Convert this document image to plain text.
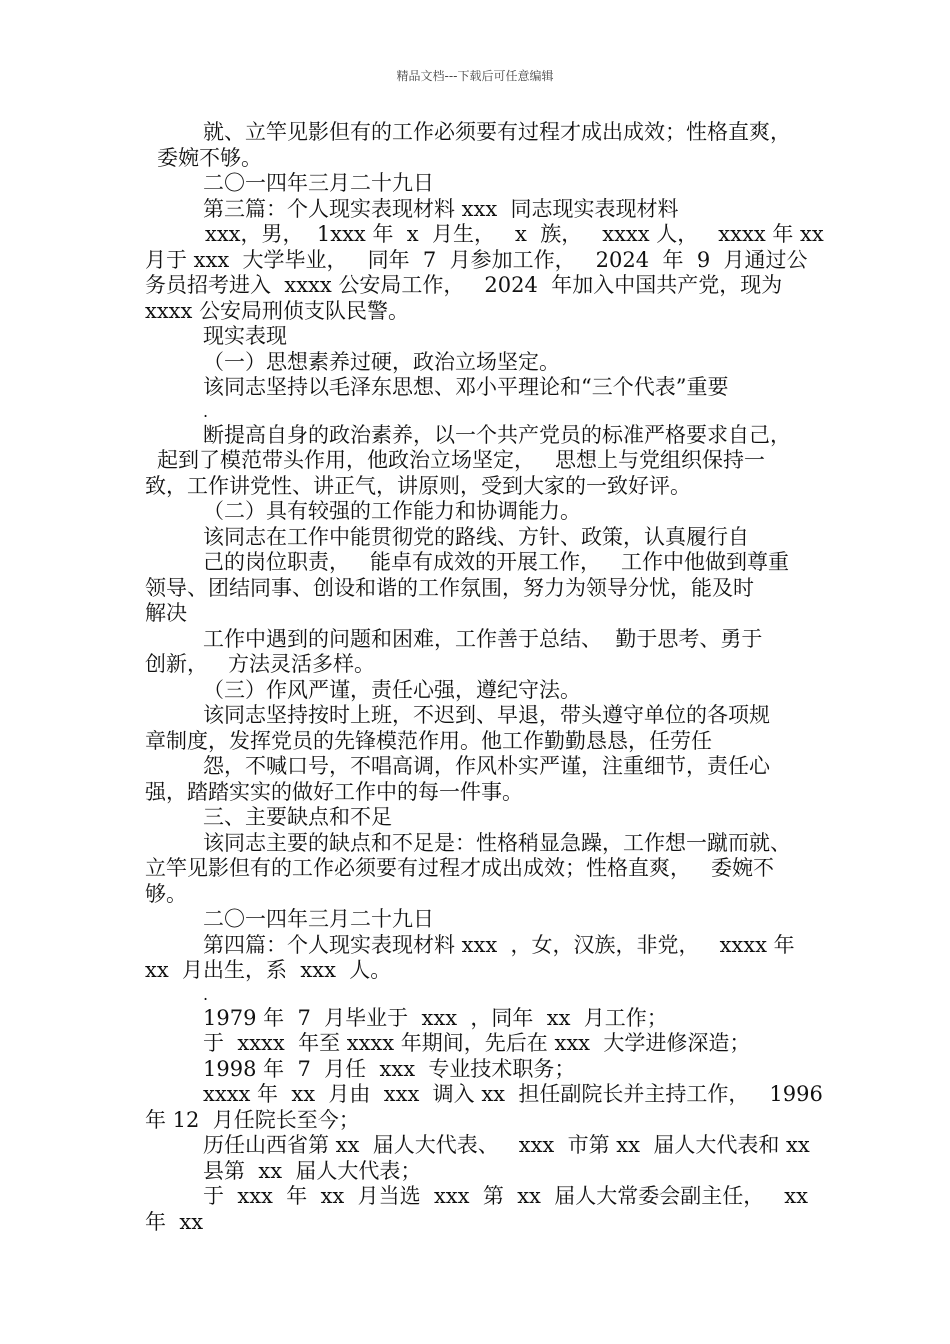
精品文档---下载后可任意编辑
就、立竿见影但有的工作必须要有过程才成出成效；性格直爽，
委婉不够。
二〇一四年三月二十九日
第三篇：个人现实表现材料 xxx  同志现实表现材料
xxx，男，  1xxx 年  x  月生，   x  族，   xxxx 人，   xxxx 年 xx
月于 xxx  大学毕业，   同年  7  月参加工作，   2024  年  9  月通过公
务员招考进入  xxxx 公安局工作，   2024  年加入中国共产党，现为
xxxx 公安局刑侦支队民警。
现实表现
（一）思想素养过硬，政治立场坚定。
该同志坚持以毛泽东思想、邓小平理论和“三个代表”重要
.
断提高自身的政治素养，以一个共产党员的标准严格要求自己，
起到了模范带头作用，他政治立场坚定，   思想上与党组织保持一
致，工作讲党性、讲正气，讲原则，受到大家的一致好评。
（二）具有较强的工作能力和协调能力。
该同志在工作中能贯彻党的路线、方针、政策，认真履行自
己的岗位职责，   能卓有成效的开展工作，   工作中他做到尊重
领导、团结同事、创设和谐的工作氛围，努力为领导分忧，能及时
解决
工作中遇到的问题和困难，工作善于总结、  勤于思考、勇于
创新，   方法灵活多样。
（三）作风严谨，责任心强，遵纪守法。
该同志坚持按时上班，不迟到、早退，带头遵守单位的各项规
章制度，发挥党员的先锋模范作用。他工作勤勤恳恳，任劳任
怨，不喊口号，不唱高调，作风朴实严谨，注重细节，责任心
强，踏踏实实的做好工作中的每一件事。
三、主要缺点和不足
该同志主要的缺点和不足是：性格稍显急躁，工作想一蹴而就、
立竿见影但有的工作必须要有过程才成出成效；性格直爽，   委婉不
够。
二〇一四年三月二十九日
第四篇：个人现实表现材料 xxx  ，女，汉族，非党，   xxxx 年
xx  月出生，系  xxx  人。
.
1979 年  7  月毕业于  xxx  ，同年  xx  月工作；
于  xxxx  年至 xxxx 年期间，先后在 xxx  大学进修深造；
1998 年  7  月任  xxx  专业技术职务；
xxxx 年  xx  月由  xxx  调入 xx  担任副院长并主持工作，   1996
年 12  月任院长至今；
历任山西省第 xx  届人大代表、   xxx  市第 xx  届人大代表和 xx
县第  xx  届人大代表；
于  xxx  年  xx  月当选  xxx  第  xx  届人大常委会副主任，   xx
年  xx
